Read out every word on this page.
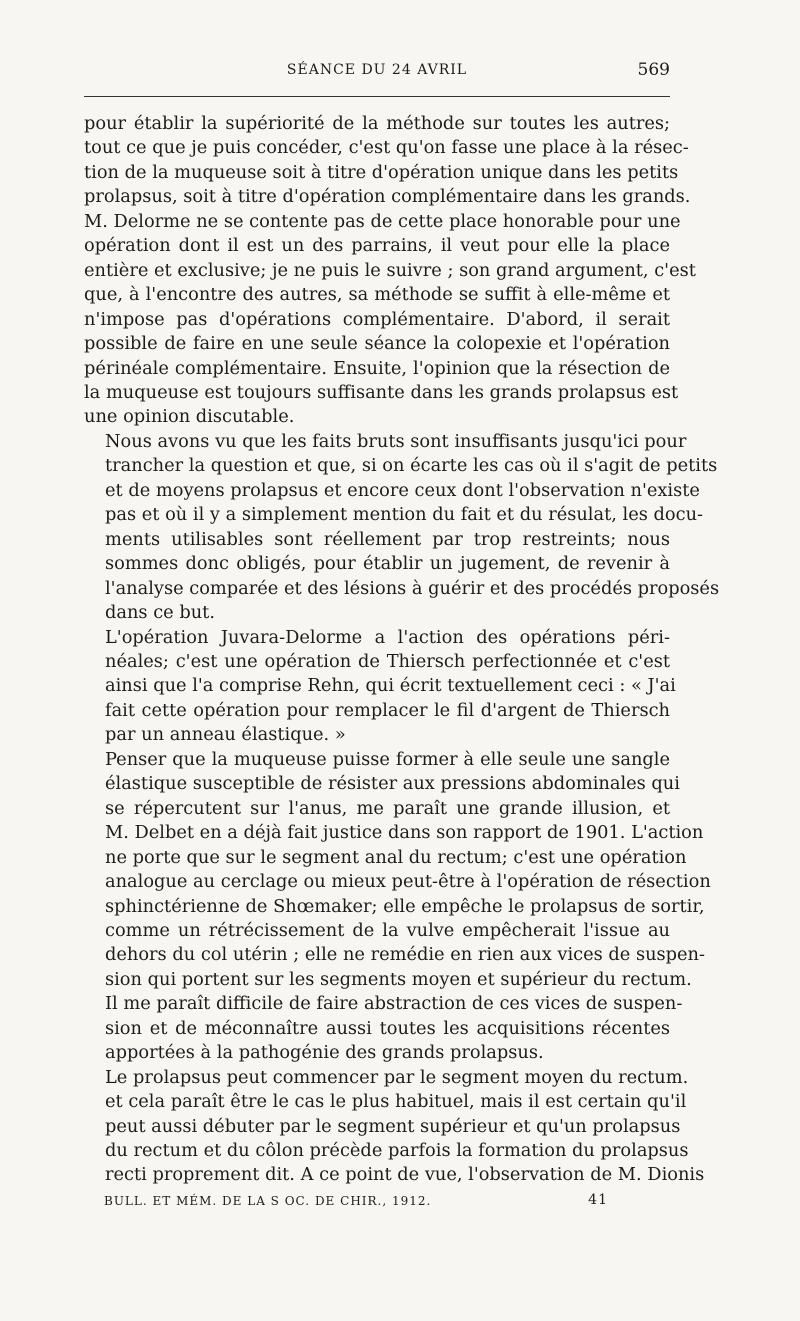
SÉANCE DU 24 AVRIL	569

pour établir la supériorité de la méthode sur toutes les autres;
tout ce que je puis concéder, c'est qu'on fasse une place à la résec-
tion de la muqueuse soit à titre d'opération unique dans les petits
prolapsus, soit à titre d'opération complémentaire dans les grands.
M. Delorme ne se contente pas de cette place honorable pour une
opération dont il est un des parrains, il veut pour elle la place
entière et exclusive; je ne puis le suivre ; son grand argument, c'est
que, à l'encontre des autres, sa méthode se suffit à elle-même et
n'impose pas d'opérations complémentaire. D'abord, il serait
possible de faire en une seule séance la colopexie et l'opération
périnéale complémentaire. Ensuite, l'opinion que la résection de
la muqueuse est toujours suffisante dans les grands prolapsus est
une opinion discutable.

Nous avons vu que les faits bruts sont insuffisants jusqu'ici pour
trancher la question et que, si on écarte les cas où il s'agit de petits
et de moyens prolapsus et encore ceux dont l'observation n'existe
pas et où il y a simplement mention du fait et du résulat, les docu-
ments utilisables sont réellement par trop restreints; nous
sommes donc obligés, pour établir un jugement, de revenir à
l'analyse comparée et des lésions à guérir et des procédés proposés
dans ce but.

L'opération Juvara-Delorme a l'action des opérations péri-
néales; c'est une opération de Thiersch perfectionnée et c'est
ainsi que l'a comprise Rehn, qui écrit textuellement ceci : « J'ai
fait cette opération pour remplacer le fil d'argent de Thiersch
par un anneau élastique. »

Penser que la muqueuse puisse former à elle seule une sangle
élastique susceptible de résister aux pressions abdominales qui
se répercutent sur l'anus, me paraît une grande illusion, et
M. Delbet en a déjà fait justice dans son rapport de 1901. L'action
ne porte que sur le segment anal du rectum; c'est une opération
analogue au cerclage ou mieux peut-être à l'opération de résection
sphinctérienne de Shœmaker; elle empêche le prolapsus de sortir,
comme un rétrécissement de la vulve empêcherait l'issue au
dehors du col utérin ; elle ne remédie en rien aux vices de suspen-
sion qui portent sur les segments moyen et supérieur du rectum.
Il me paraît difficile de faire abstraction de ces vices de suspen-
sion et de méconnaître aussi toutes les acquisitions récentes
apportées à la pathogénie des grands prolapsus.

Le prolapsus peut commencer par le segment moyen du rectum.
et cela paraît être le cas le plus habituel, mais il est certain qu'il
peut aussi débuter par le segment supérieur et qu'un prolapsus
du rectum et du côlon précède parfois la formation du prolapsus
recti proprement dit. A ce point de vue, l'observation de M. Dionis

BULL. ET MÉM. DE LA S OC. DE CHIR., 1912.	41
